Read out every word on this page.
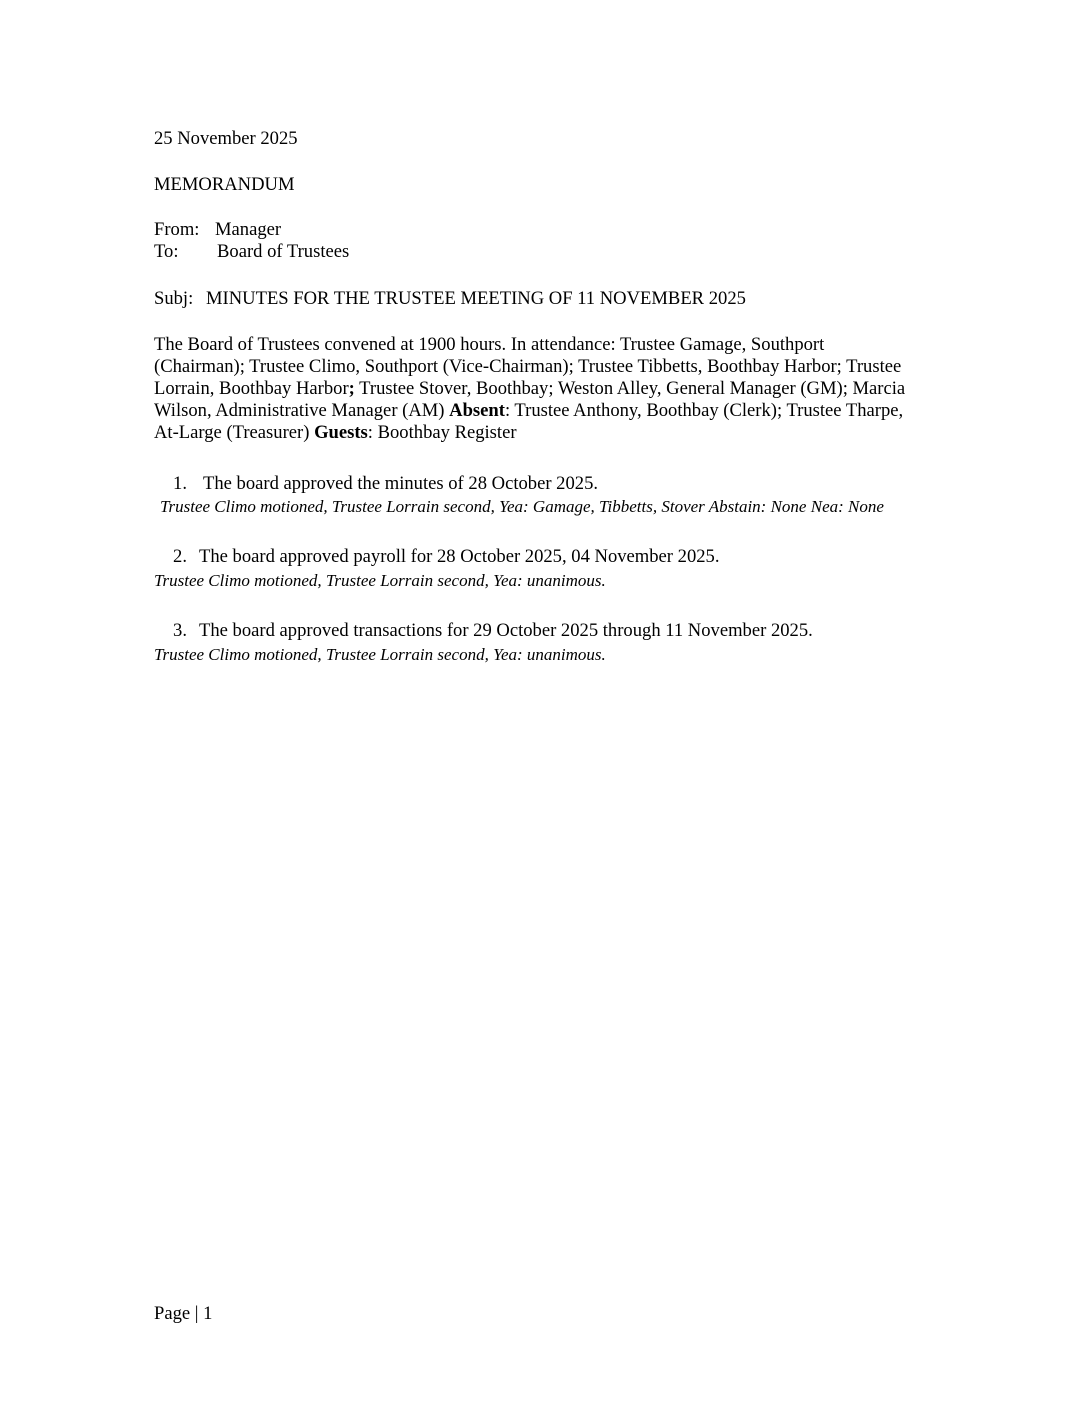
25 November 2025
MEMORANDUM
From: Manager
To: Board of Trustees
Subj: MINUTES FOR THE TRUSTEE MEETING OF 11 NOVEMBER 2025
The Board of Trustees convened at 1900 hours. In attendance: Trustee Gamage, Southport
(Chairman); Trustee Climo, Southport (Vice-Chairman); Trustee Tibbetts, Boothbay Harbor; Trustee
Lorrain, Boothbay Harbor; Trustee Stover, Boothbay; Weston Alley, General Manager (GM); Marcia
Wilson, Administrative Manager (AM) Absent: Trustee Anthony, Boothbay (Clerk); Trustee Tharpe,
At-Large (Treasurer) Guests: Boothbay Register
1. The board approved the minutes of 28 October 2025.
Trustee Climo motioned, Trustee Lorrain second, Yea: Gamage, Tibbetts, Stover Abstain: None Nea: None
2. The board approved payroll for 28 October 2025, 04 November 2025.
Trustee Climo motioned, Trustee Lorrain second, Yea: unanimous.
3. The board approved transactions for 29 October 2025 through 11 November 2025.
Trustee Climo motioned, Trustee Lorrain second, Yea: unanimous.
Page | 1
